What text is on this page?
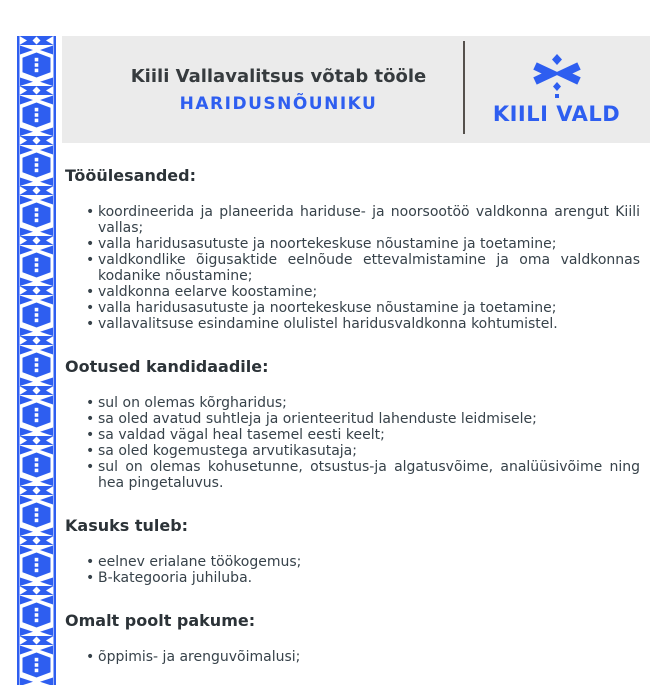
Kiili Vallavalitsus võtab tööle
HARIDUSNÕUNIKU	KIILI VALD
Tööülesanded:
• koordineerida ja planeerida hariduse- ja noorsootöö valdkonna arengut Kiili vallas;
• valla haridusasutuste ja noortekeskuse nõustamine ja toetamine;
• valdkondlike õigusaktide eelnõude ettevalmistamine ja oma valdkonnas kodanike nõustamine;
• valdkonna eelarve koostamine;
• valla haridusasutuste ja noortekeskuse nõustamine ja toetamine;
• vallavalitsuse esindamine olulistel haridusvaldkonna kohtumistel.
Ootused kandidaadile:
• sul on olemas kõrgharidus;
• sa oled avatud suhtleja ja orienteeritud lahenduste leidmisele;
• sa valdad vägal heal tasemel eesti keelt;
• sa oled kogemustega arvutikasutaja;
• sul on olemas kohusetunne, otsustus-ja algatusvõime, analüüsivõime ning hea pingetaluvus.
Kasuks tuleb:
• eelnev erialane töökogemus;
• B-kategooria juhiluba.
Omalt poolt pakume:
• õppimis- ja arenguvõimalusi;
